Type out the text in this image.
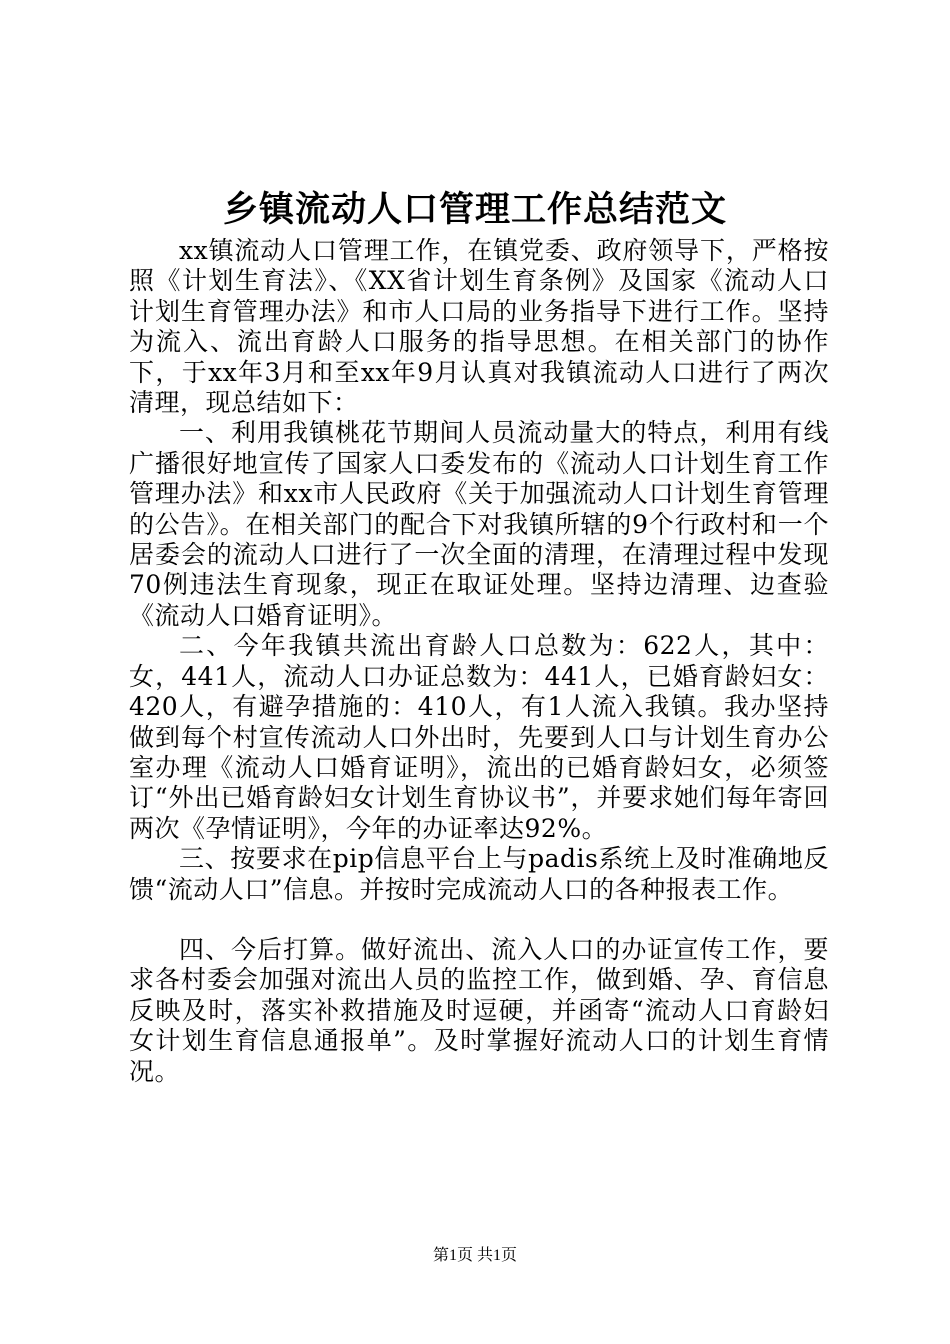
乡镇流动人口管理工作总结范文

xx镇流动人口管理工作，在镇党委、政府领导下，严格按照《计划生育法》、《XX省计划生育条例》及国家《流动人口计划生育管理办法》和市人口局的业务指导下进行工作。坚持为流入、流出育龄人口服务的指导思想。在相关部门的协作下，于xx年3月和至xx年9月认真对我镇流动人口进行了两次清理，现总结如下：

一、利用我镇桃花节期间人员流动量大的特点，利用有线广播很好地宣传了国家人口委发布的《流动人口计划生育工作管理办法》和xx市人民政府《关于加强流动人口计划生育管理的公告》。在相关部门的配合下对我镇所辖的9个行政村和一个居委会的流动人口进行了一次全面的清理，在清理过程中发现70例违法生育现象，现正在取证处理。坚持边清理、边查验《流动人口婚育证明》。

二、今年我镇共流出育龄人口总数为：622人，其中：女，441人，流动人口办证总数为：441人，已婚育龄妇女：420人，有避孕措施的：410人，有1人流入我镇。我办坚持做到每个村宣传流动人口外出时，先要到人口与计划生育办公室办理《流动人口婚育证明》，流出的已婚育龄妇女，必须签订“外出已婚育龄妇女计划生育协议书”，并要求她们每年寄回两次《孕情证明》，今年的办证率达92%。

三、按要求在pip信息平台上与padis系统上及时准确地反馈“流动人口”信息。并按时完成流动人口的各种报表工作。

四、今后打算。做好流出、流入人口的办证宣传工作，要求各村委会加强对流出人员的监控工作，做到婚、孕、育信息反映及时，落实补救措施及时逗硬，并函寄“流动人口育龄妇女计划生育信息通报单”。及时掌握好流动人口的计划生育情况。

第1页 共1页
